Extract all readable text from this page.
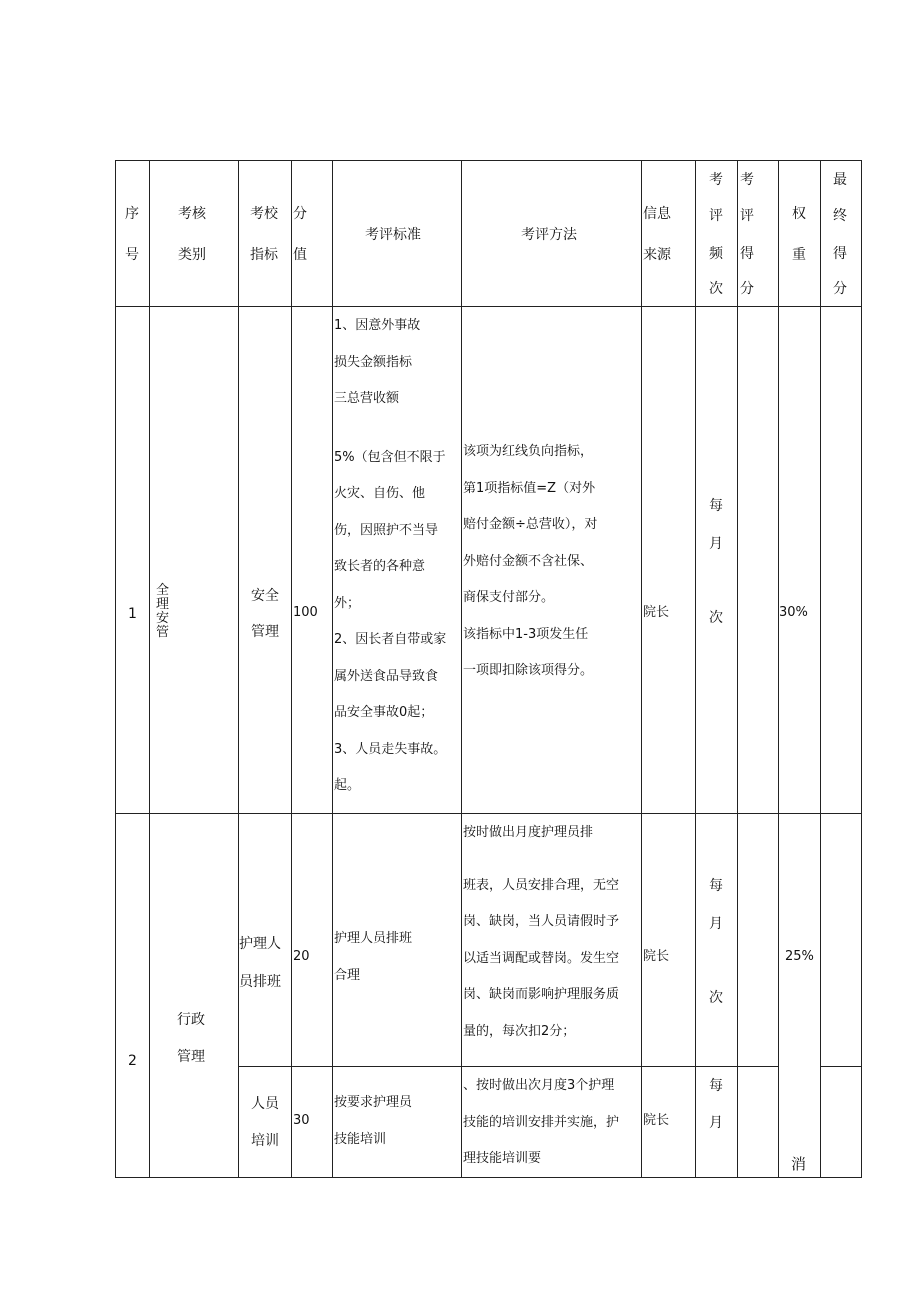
序
号
考核
类别
考校
指标
分
值
考评标准	考评方法
信息
来源
考
评
频
次
考
评
得
分
权
重
最
终
得
分
1
全
理
安
管
安全
管理
100
1、因意外事故
损失金额指标
三总营收额
5%（包含但不限于
火灾、自伤、他
伤，因照护不当导
致长者的各种意
外；
2、因长者自带或家
属外送食品导致食
品安全事故0起；
3、人员走失事故。
起。
该项为红线负向指标，
第1项指标值=Z（对外
赔付金额÷总营收），对
外赔付金额不含社保、
商保支付部分。
该指标中1-3项发生任
一项即扣除该项得分。
院长
每
月
次	30%
2
行政
管理
护理人
员排班
20
护理人员排班
合理
按时做出月度护理员排
班表，人员安排合理，无空
岗、缺岗，当人员请假时予
以适当调配或替岗。发生空
岗、缺岗而影响护理服务质
量的，每次扣2分；
院长
每
月
次
25%
人员
培训
30
按要求护理员
技能培训
、按时做出次月度3个护理
技能的培训安排并实施，护
理技能培训要
院长
每
月
消
